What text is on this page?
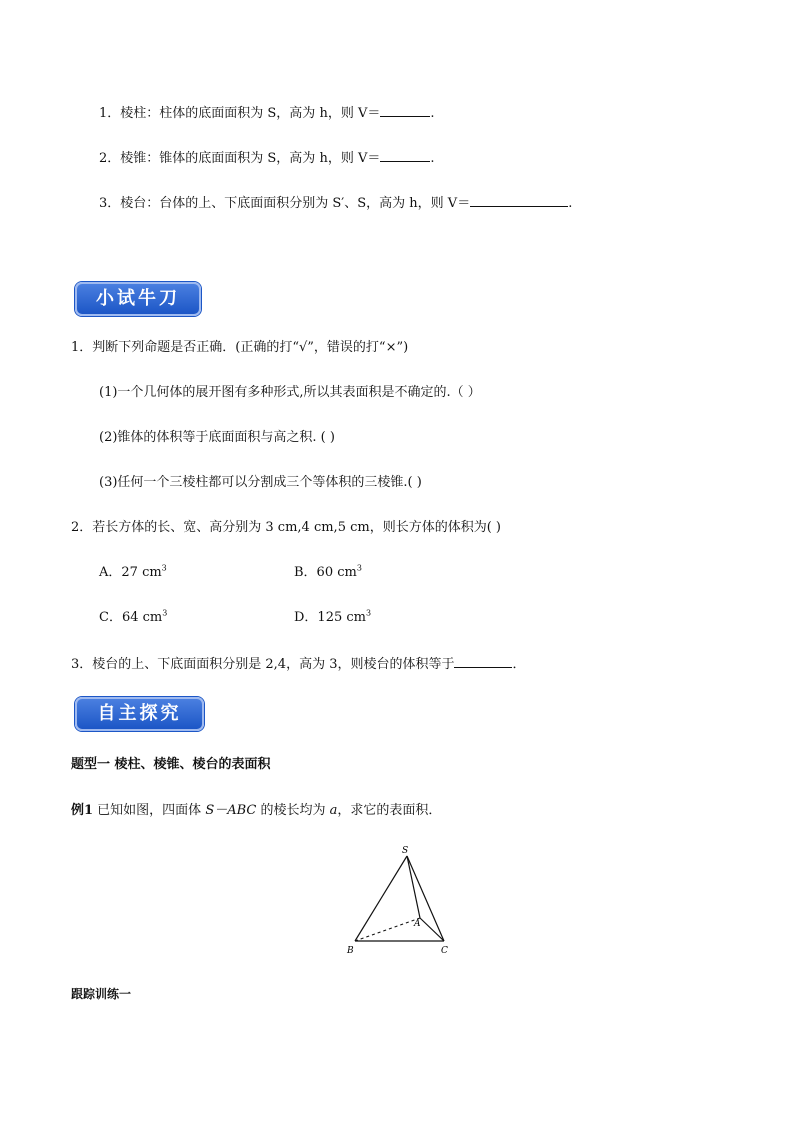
1．棱柱：柱体的底面面积为 S，高为 h，则 V＝	.
2．棱锥：锥体的底面面积为 S，高为 h，则 V＝	.
3．棱台：台体的上、下底面面积分别为 S′、S，高为 h，则 V＝	.
小试牛刀
1．判断下列命题是否正确．(正确的打“√”，错误的打“×”)
(1)一个几何体的展开图有多种形式,所以其表面积是不确定的.（ ）
(2)锥体的体积等于底面面积与高之积. ( )
(3)任何一个三棱柱都可以分割成三个等体积的三棱锥.( )
2．若长方体的长、宽、高分别为 3 cm,4 cm,5 cm，则长方体的体积为( )
A．27 $cm^3$	B．60 $cm^3$
C．64 $cm^3$	D．125 $cm^3$
3．棱台的上、下底面面积分别是 2,4，高为 3，则棱台的体积等于	．
自主探究
题型一 棱柱、棱锥、棱台的表面积
例1 已知如图，四面体 S－ABC 的棱长均为 a，求它的表面积．
S
A
B	C
跟踪训练一
